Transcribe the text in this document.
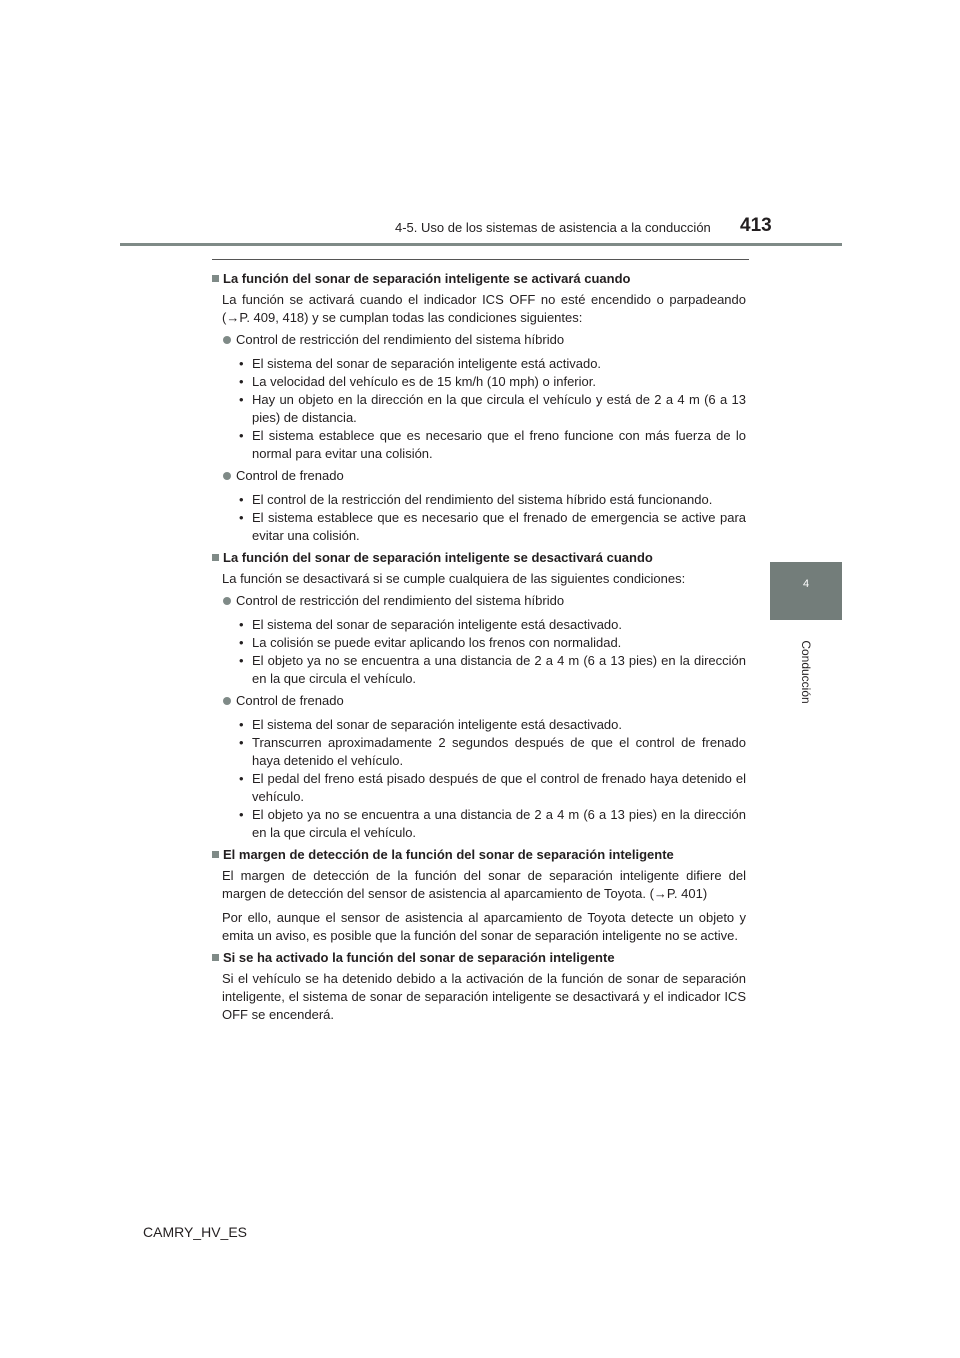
4-5. Uso de los sistemas de asistencia a la conducción 413
4
Conducción
La función del sonar de separación inteligente se activará cuando
La función se activará cuando el indicador ICS OFF no esté encendido o parpadeando (→P. 409, 418) y se cumplan todas las condiciones siguientes:
Control de restricción del rendimiento del sistema híbrido
• El sistema del sonar de separación inteligente está activado.
• La velocidad del vehículo es de 15 km/h (10 mph) o inferior.
• Hay un objeto en la dirección en la que circula el vehículo y está de 2 a 4 m (6 a 13 pies) de distancia.
• El sistema establece que es necesario que el freno funcione con más fuerza de lo normal para evitar una colisión.
Control de frenado
• El control de la restricción del rendimiento del sistema híbrido está funcionando.
• El sistema establece que es necesario que el frenado de emergencia se active para evitar una colisión.
La función del sonar de separación inteligente se desactivará cuando
La función se desactivará si se cumple cualquiera de las siguientes condiciones:
Control de restricción del rendimiento del sistema híbrido
• El sistema del sonar de separación inteligente está desactivado.
• La colisión se puede evitar aplicando los frenos con normalidad.
• El objeto ya no se encuentra a una distancia de 2 a 4 m (6 a 13 pies) en la dirección en la que circula el vehículo.
Control de frenado
• El sistema del sonar de separación inteligente está desactivado.
• Transcurren aproximadamente 2 segundos después de que el control de frenado haya detenido el vehículo.
• El pedal del freno está pisado después de que el control de frenado haya detenido el vehículo.
• El objeto ya no se encuentra a una distancia de 2 a 4 m (6 a 13 pies) en la dirección en la que circula el vehículo.
El margen de detección de la función del sonar de separación inteligente
El margen de detección de la función del sonar de separación inteligente difiere del margen de detección del sensor de asistencia al aparcamiento de Toyota. (→P. 401)
Por ello, aunque el sensor de asistencia al aparcamiento de Toyota detecte un objeto y emita un aviso, es posible que la función del sonar de separación inteligente no se active.
Si se ha activado la función del sonar de separación inteligente
Si el vehículo se ha detenido debido a la activación de la función de sonar de separación inteligente, el sistema de sonar de separación inteligente se desactivará y el indicador ICS OFF se encenderá.
CAMRY_HV_ES
